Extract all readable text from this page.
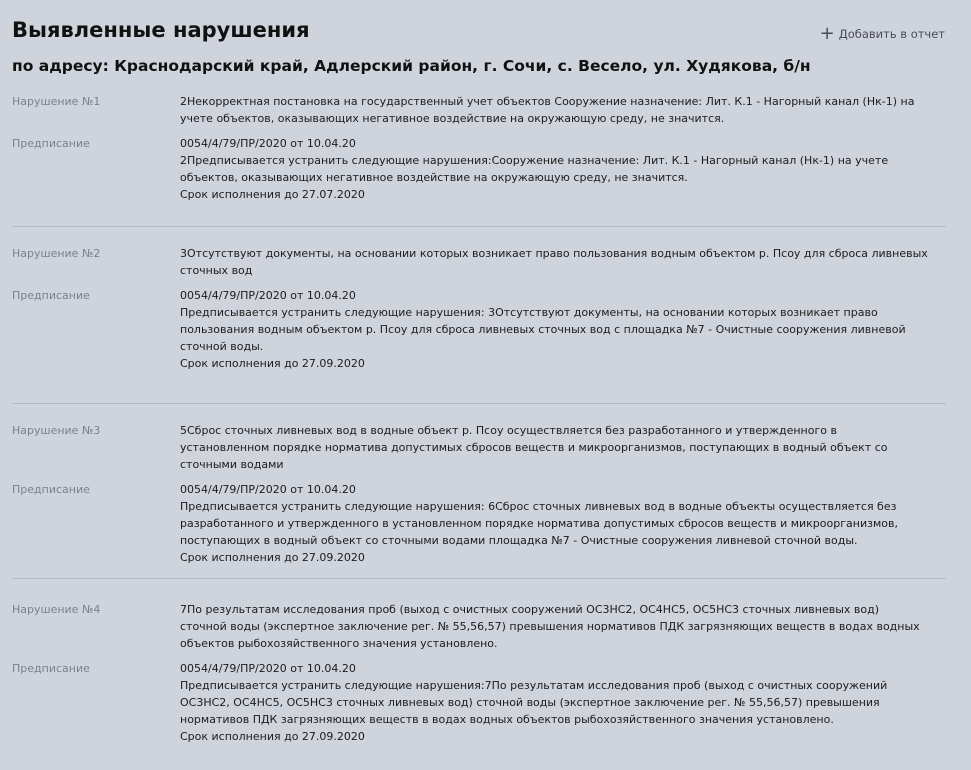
Выявленные нарушения	+ Добавить в отчет
по адресу: Краснодарский край, Адлерский район, г. Сочи, с. Весело, ул. Худякова, б/н
Нарушение №1	2Некорректная постановка на государственный учет объектов Сооружение назначение: Лит. К.1 - Нагорный канал (Нк-1) на учете объектов, оказывающих негативное воздействие на окружающую среду, не значится.
Предписание	0054/4/79/ПР/2020 от 10.04.20

2Предписывается устранить следующие нарушения:Сооружение назначение: Лит. К.1 - Нагорный канал (Нк-1) на учете объектов, оказывающих негативное воздействие на окружающую среду, не значится.

Срок исполнения до 27.07.2020

Нарушение №2	3Отсутствуют документы, на основании которых возникает право пользования водным объектом р. Псоу для сброса ливневых сточных вод
Предписание	0054/4/79/ПР/2020 от 10.04.20

Предписывается устранить следующие нарушения: 3Отсутствуют документы, на основании которых возникает право пользования водным объектом р. Псоу для сброса ливневых сточных вод с площадка №7 - Очистные сооружения ливневой сточной воды.

Срок исполнения до 27.09.2020

Нарушение №3	5Сброс сточных ливневых вод в водные объект р. Псоу осуществляется без разработанного и утвержденного в установленном порядке норматива допустимых сбросов веществ и микроорганизмов, поступающих в водный объект со сточными водами
Предписание	0054/4/79/ПР/2020 от 10.04.20

Предписывается устранить следующие нарушения: 6Сброс сточных ливневых вод в водные объекты осуществляется без разработанного и утвержденного в установленном порядке норматива допустимых сбросов веществ и микроорганизмов, поступающих в водный объект со сточными водами площадка №7 - Очистные сооружения ливневой сточной воды.

Срок исполнения до 27.09.2020

Нарушение №4	7По результатам исследования проб (выход с очистных сооружений ОС3НС2, ОС4НС5, ОС5НС3 сточных ливневых вод) сточной воды (экспертное заключение рег. № 55,56,57) превышения нормативов ПДК загрязняющих веществ в водах водных объектов рыбохозяйственного значения установлено.
Предписание	0054/4/79/ПР/2020 от 10.04.20

Предписывается устранить следующие нарушения:7По результатам исследования проб (выход с очистных сооружений ОС3НС2, ОС4НС5, ОС5НС3 сточных ливневых вод) сточной воды (экспертное заключение рег. № 55,56,57) превышения нормативов ПДК загрязняющих веществ в водах водных объектов рыбохозяйственного значения установлено.

Срок исполнения до 27.09.2020
